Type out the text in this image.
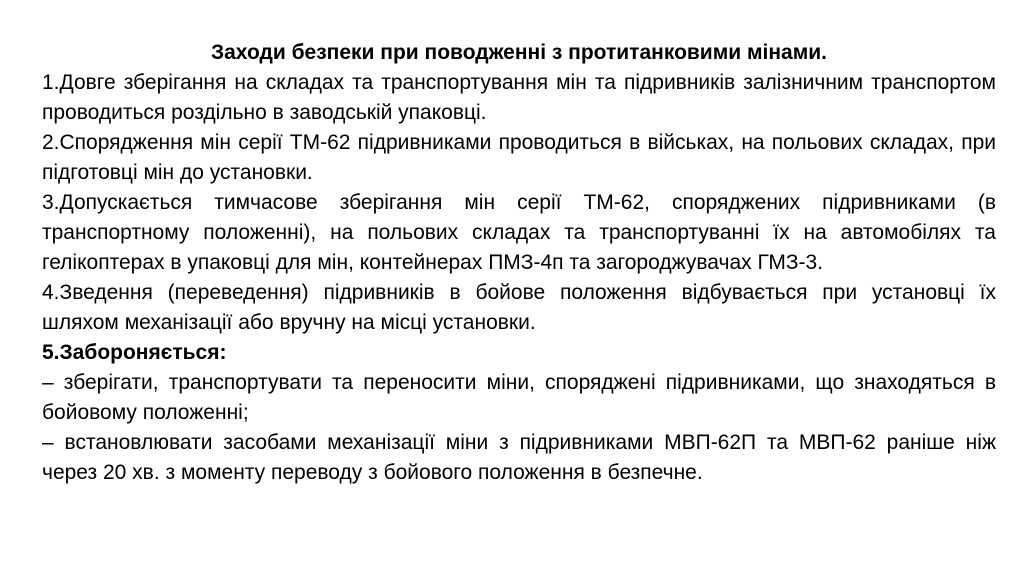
Заходи безпеки при поводженні з протитанковими мінами.

1.Довге зберігання на складах та транспортування мін та підривників залізничним транспортом проводиться роздільно в заводській упаковці.

2.Спорядження мін серії ТМ-62 підривниками проводиться в військах, на польових складах, при підготовці мін до установки.

3.Допускається тимчасове зберігання мін серії ТМ-62, споряджених підривниками (в транспортному положенні), на польових складах та транспортуванні їх на автомобілях та гелікоптерах в упаковці для мін, контейнерах ПМЗ-4п та загороджувачах ГМЗ-3.

4.Зведення (переведення) підривників в бойове положення відбувається при установці їх шляхом механізації або вручну на місці установки.

5.Забороняється:

– зберігати, транспортувати та переносити міни, споряджені підривниками, що знаходяться в бойовому положенні;

– встановлювати засобами механізації міни з підривниками МВП-62П та МВП-62 раніше ніж через 20 хв. з моменту переводу з бойового положення в безпечне.
